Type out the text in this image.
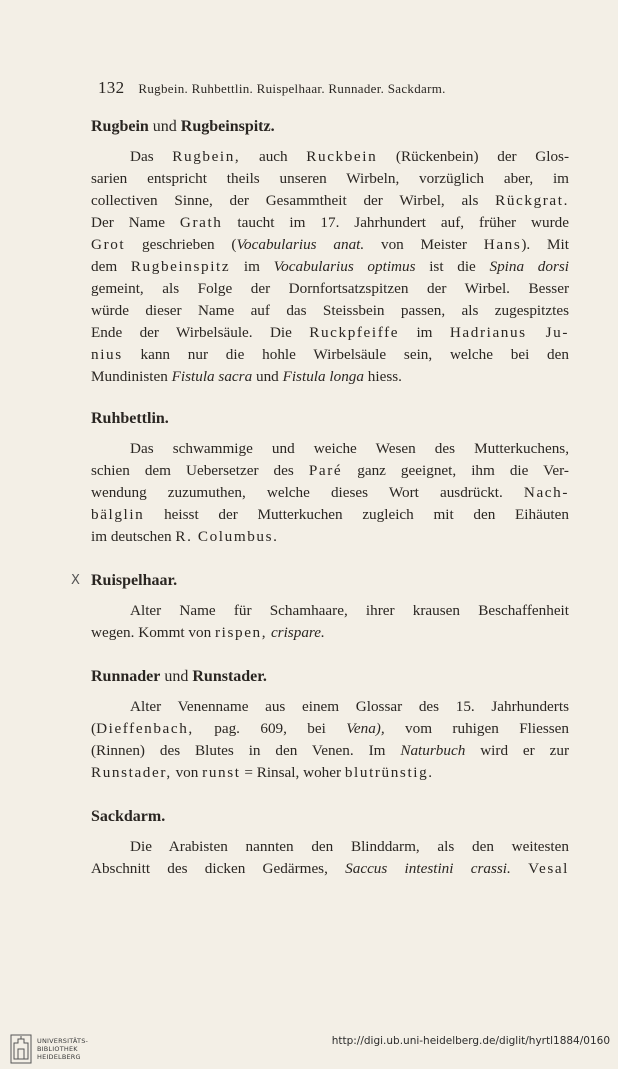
132 Rugbein. Ruhbettlin. Ruispelhaar. Runnader. Sackdarm.
Rugbein und Rugbeinspitz.

Das Rugbein, auch Ruckbein (Rückenbein) der Glos-

sarien entspricht theils unseren Wirbeln, vorzüglich aber, im

collectiven Sinne, der Gesammtheit der Wirbel, als Rückgrat.

Der Name Grath taucht im 17. Jahrhundert auf, früher wurde

Grot geschrieben (Vocabularius anat. von Meister Hans). Mit

dem Rugbeinspitz im Vocabularius optimus ist die Spina dorsi

gemeint, als Folge der Dornfortsatzspitzen der Wirbel. Besser

würde dieser Name auf das Steissbein passen, als zugespitztes

Ende der Wirbelsäule. Die Ruckpfeiffe im Hadrianus Ju-

nius kann nur die hohle Wirbelsäule sein, welche bei den

Mundinisten Fistula sacra und Fistula longa hiess.

Ruhbettlin.

Das schwammige und weiche Wesen des Mutterkuchens,

schien dem Uebersetzer des Paré ganz geeignet, ihm die Ver-

wendung zuzumuthen, welche dieses Wort ausdrückt. Nach-

bälglin heisst der Mutterkuchen zugleich mit den Eihäuten

im deutschen R. Columbus.

X Ruispelhaar.

Alter Name für Schamhaare, ihrer krausen Beschaffenheit

wegen. Kommt von rispen, crispare.

Runnader und Runstader.

Alter Venenname aus einem Glossar des 15. Jahrhunderts

(Dieffenbach, pag. 609, bei Vena), vom ruhigen Fliessen

(Rinnen) des Blutes in den Venen. Im Naturbuch wird er zur

Runstader, von runst = Rinsal, woher blutrünstig.

Sackdarm.

Die Arabisten nannten den Blinddarm, als den weitesten

Abschnitt des dicken Gedärmes, Saccus intestini crassi. Vesal

UNIVERSITÄTS-
BIBLIOTHEK
HEIDELBERG
http://digi.ub.uni-heidelberg.de/diglit/hyrtl1884/0160
